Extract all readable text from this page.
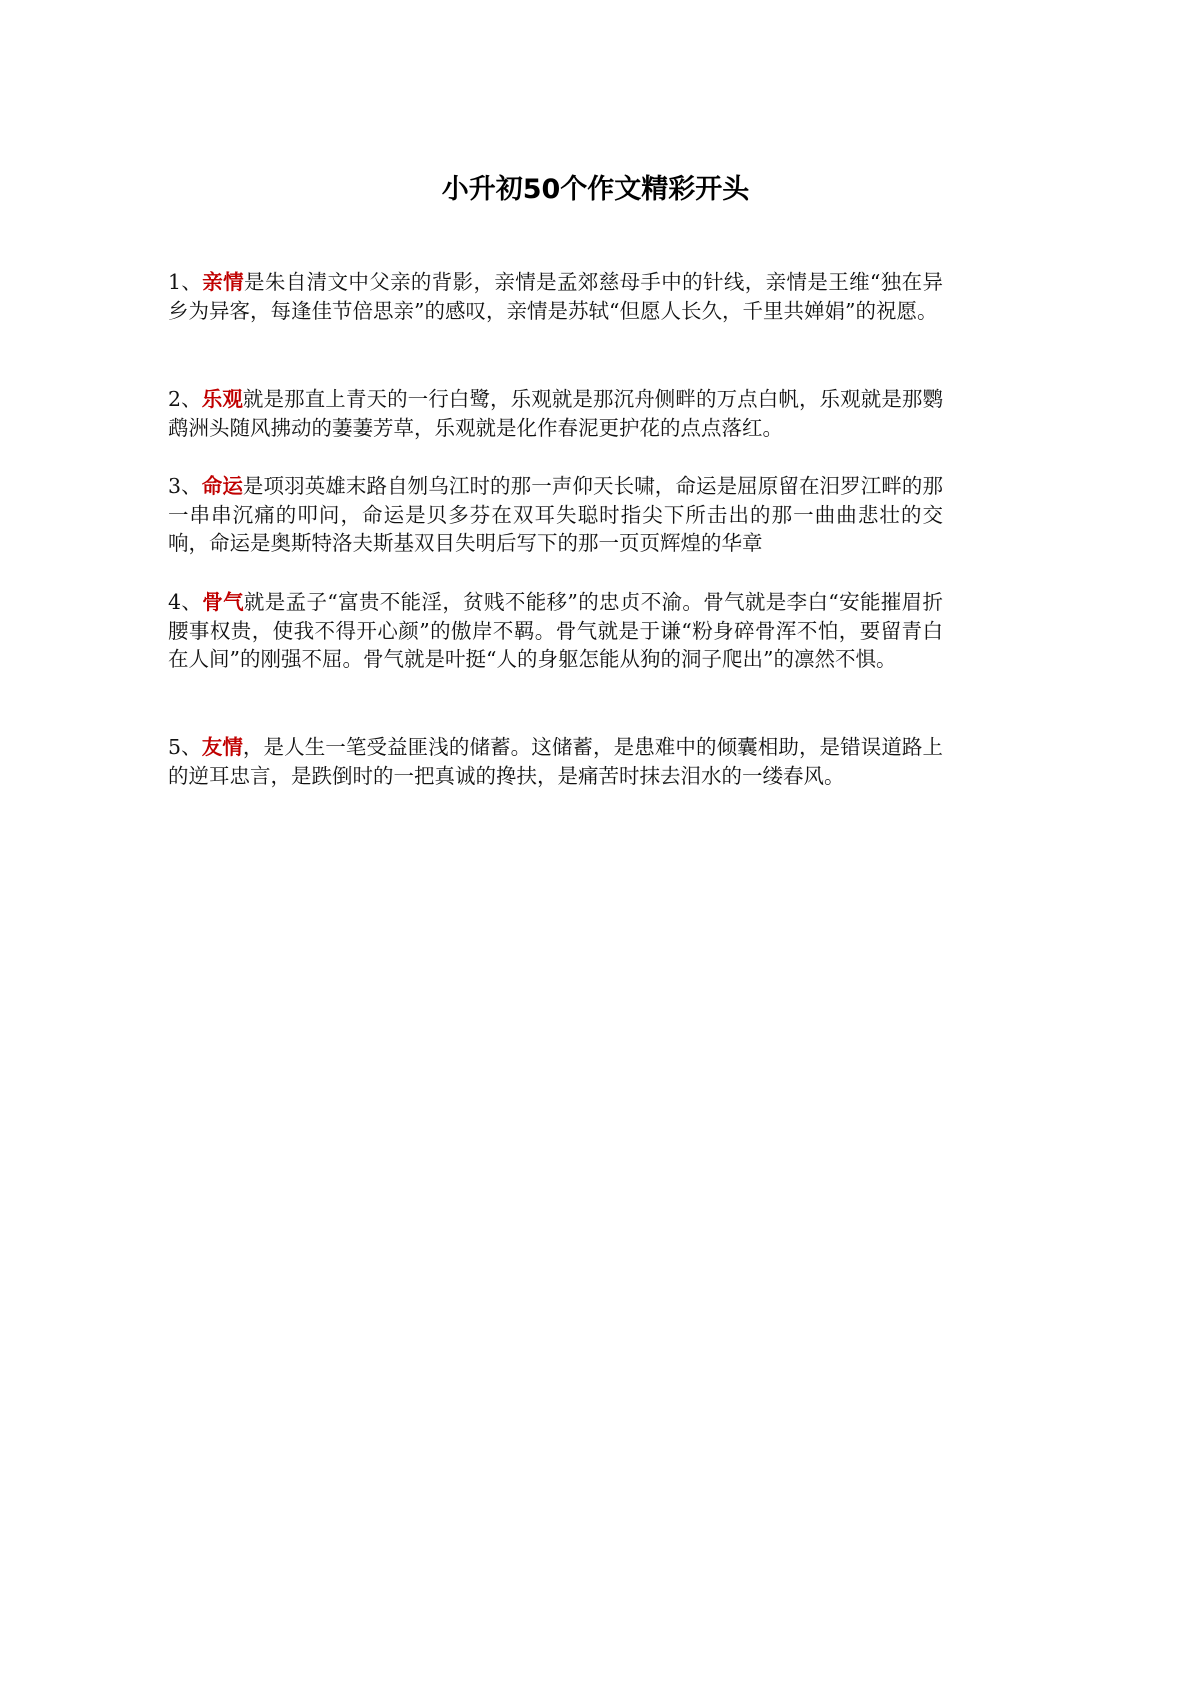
小升初50个作文精彩开头

1、亲情是朱自清文中父亲的背影，亲情是孟郊慈母手中的针线，亲情是王维“独在异乡为异客，每逢佳节倍思亲”的感叹，亲情是苏轼“但愿人长久，千里共婵娟”的祝愿。

2、乐观就是那直上青天的一行白鹭，乐观就是那沉舟侧畔的万点白帆，乐观就是那鹦鹉洲头随风拂动的萋萋芳草，乐观就是化作春泥更护花的点点落红。

3、命运是项羽英雄末路自刎乌江时的那一声仰天长啸，命运是屈原留在汨罗江畔的那一串串沉痛的叩问，命运是贝多芬在双耳失聪时指尖下所击出的那一曲曲悲壮的交响，命运是奥斯特洛夫斯基双目失明后写下的那一页页辉煌的华章

4、骨气就是孟子“富贵不能淫，贫贱不能移”的忠贞不渝。骨气就是李白“安能摧眉折腰事权贵，使我不得开心颜”的傲岸不羁。骨气就是于谦“粉身碎骨浑不怕，要留青白在人间”的刚强不屈。骨气就是叶挺“人的身躯怎能从狗的洞子爬出”的凛然不惧。

5、友情，是人生一笔受益匪浅的储蓄。这储蓄，是患难中的倾囊相助，是错误道路上的逆耳忠言，是跌倒时的一把真诚的搀扶，是痛苦时抹去泪水的一缕春风。
